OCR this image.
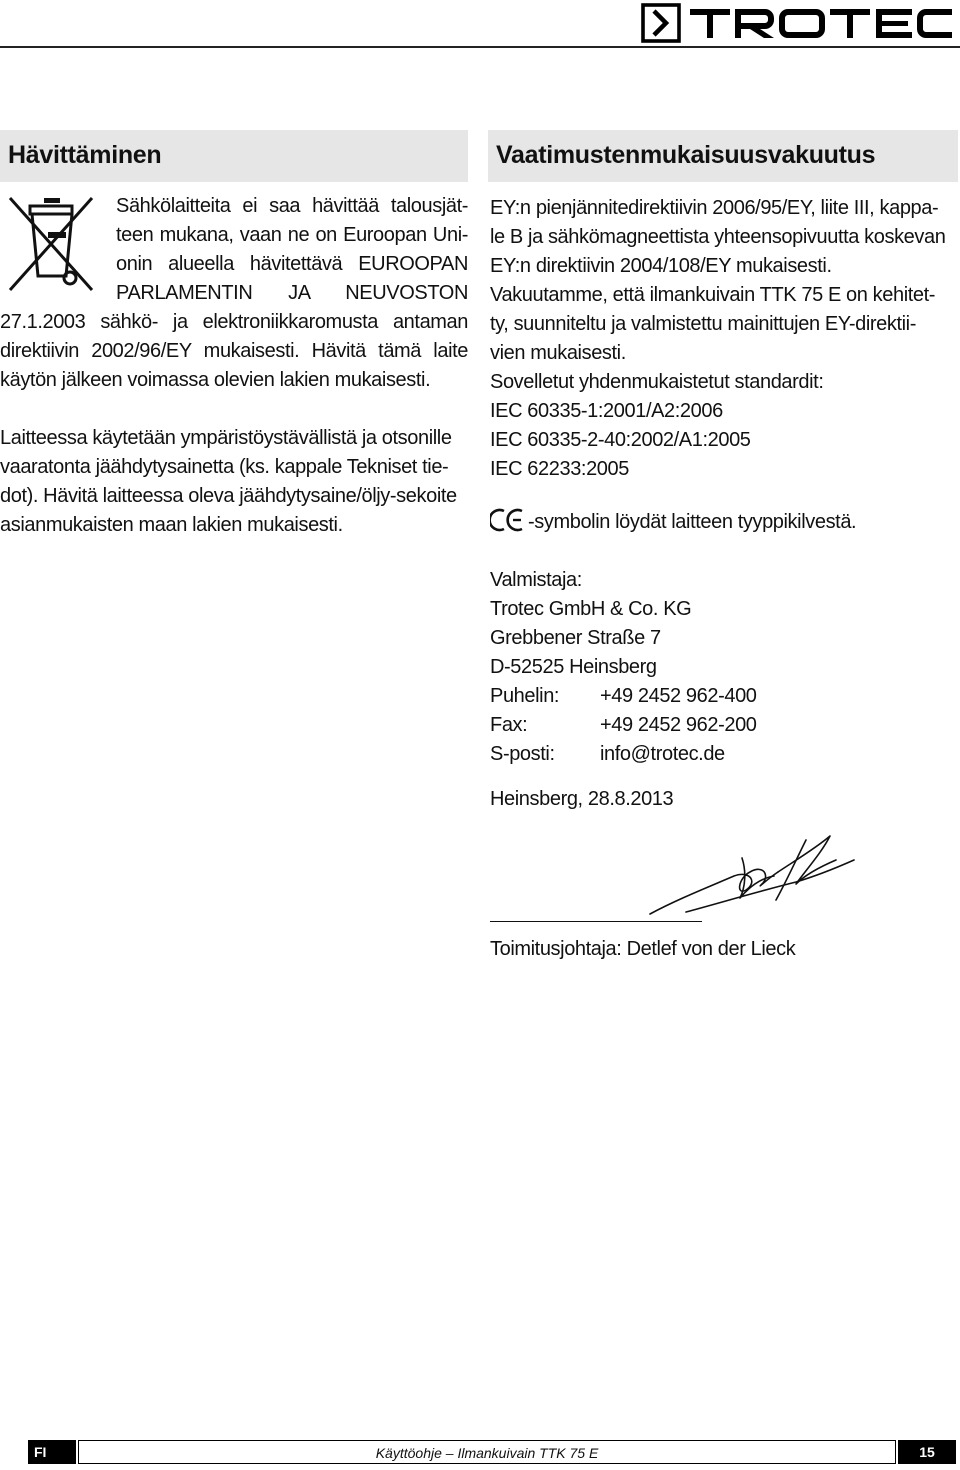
Hävittäminen	Vaatimustenmukaisuusvakuutus
Sähkölaitteita ei saa hävittää talousjät-
teen mukana, vaan ne on Euroopan Uni-
onin alueella hävitettävä EUROOPAN
PARLAMENTIN JA NEUVOSTON
27.1.2003 sähkö- ja elektroniikkaromusta antaman
direktiivin 2002/96/EY mukaisesti. Hävitä tämä laite
käytön jälkeen voimassa olevien lakien mukaisesti.
Laitteessa käytetään ympäristöystävällistä ja otsonille
vaaratonta jäähdytysainetta (ks. kappale Tekniset tie-
dot). Hävitä laitteessa oleva jäähdytysaine/öljy-sekoite
asianmukaisten maan lakien mukaisesti.
EY:n pienjännitedirektiivin 2006/95/EY, liite III, kappa-
le B ja sähkömagneettista yhteensopivuutta koskevan
EY:n direktiivin 2004/108/EY mukaisesti.
Vakuutamme, että ilmankuivain TTK 75 E on kehitet-
ty, suunniteltu ja valmistettu mainittujen EY-direktii-
vien mukaisesti.
Sovelletut yhdenmukaistetut standardit:
IEC 60335-1:2001/A2:2006
IEC 60335-2-40:2002/A1:2005
IEC 62233:2005
-symbolin löydät laitteen tyyppikilvestä.
Valmistaja:
Trotec GmbH & Co. KG
Grebbener Straße 7
D-52525 Heinsberg
Puhelin: +49 2452 962-400
Fax:	+49 2452 962-200
S-posti: info@trotec.de
Heinsberg, 28.8.2013
Toimitusjohtaja: Detlef von der Lieck
FI	Käyttöohje – Ilmankuivain TTK 75 E	15
